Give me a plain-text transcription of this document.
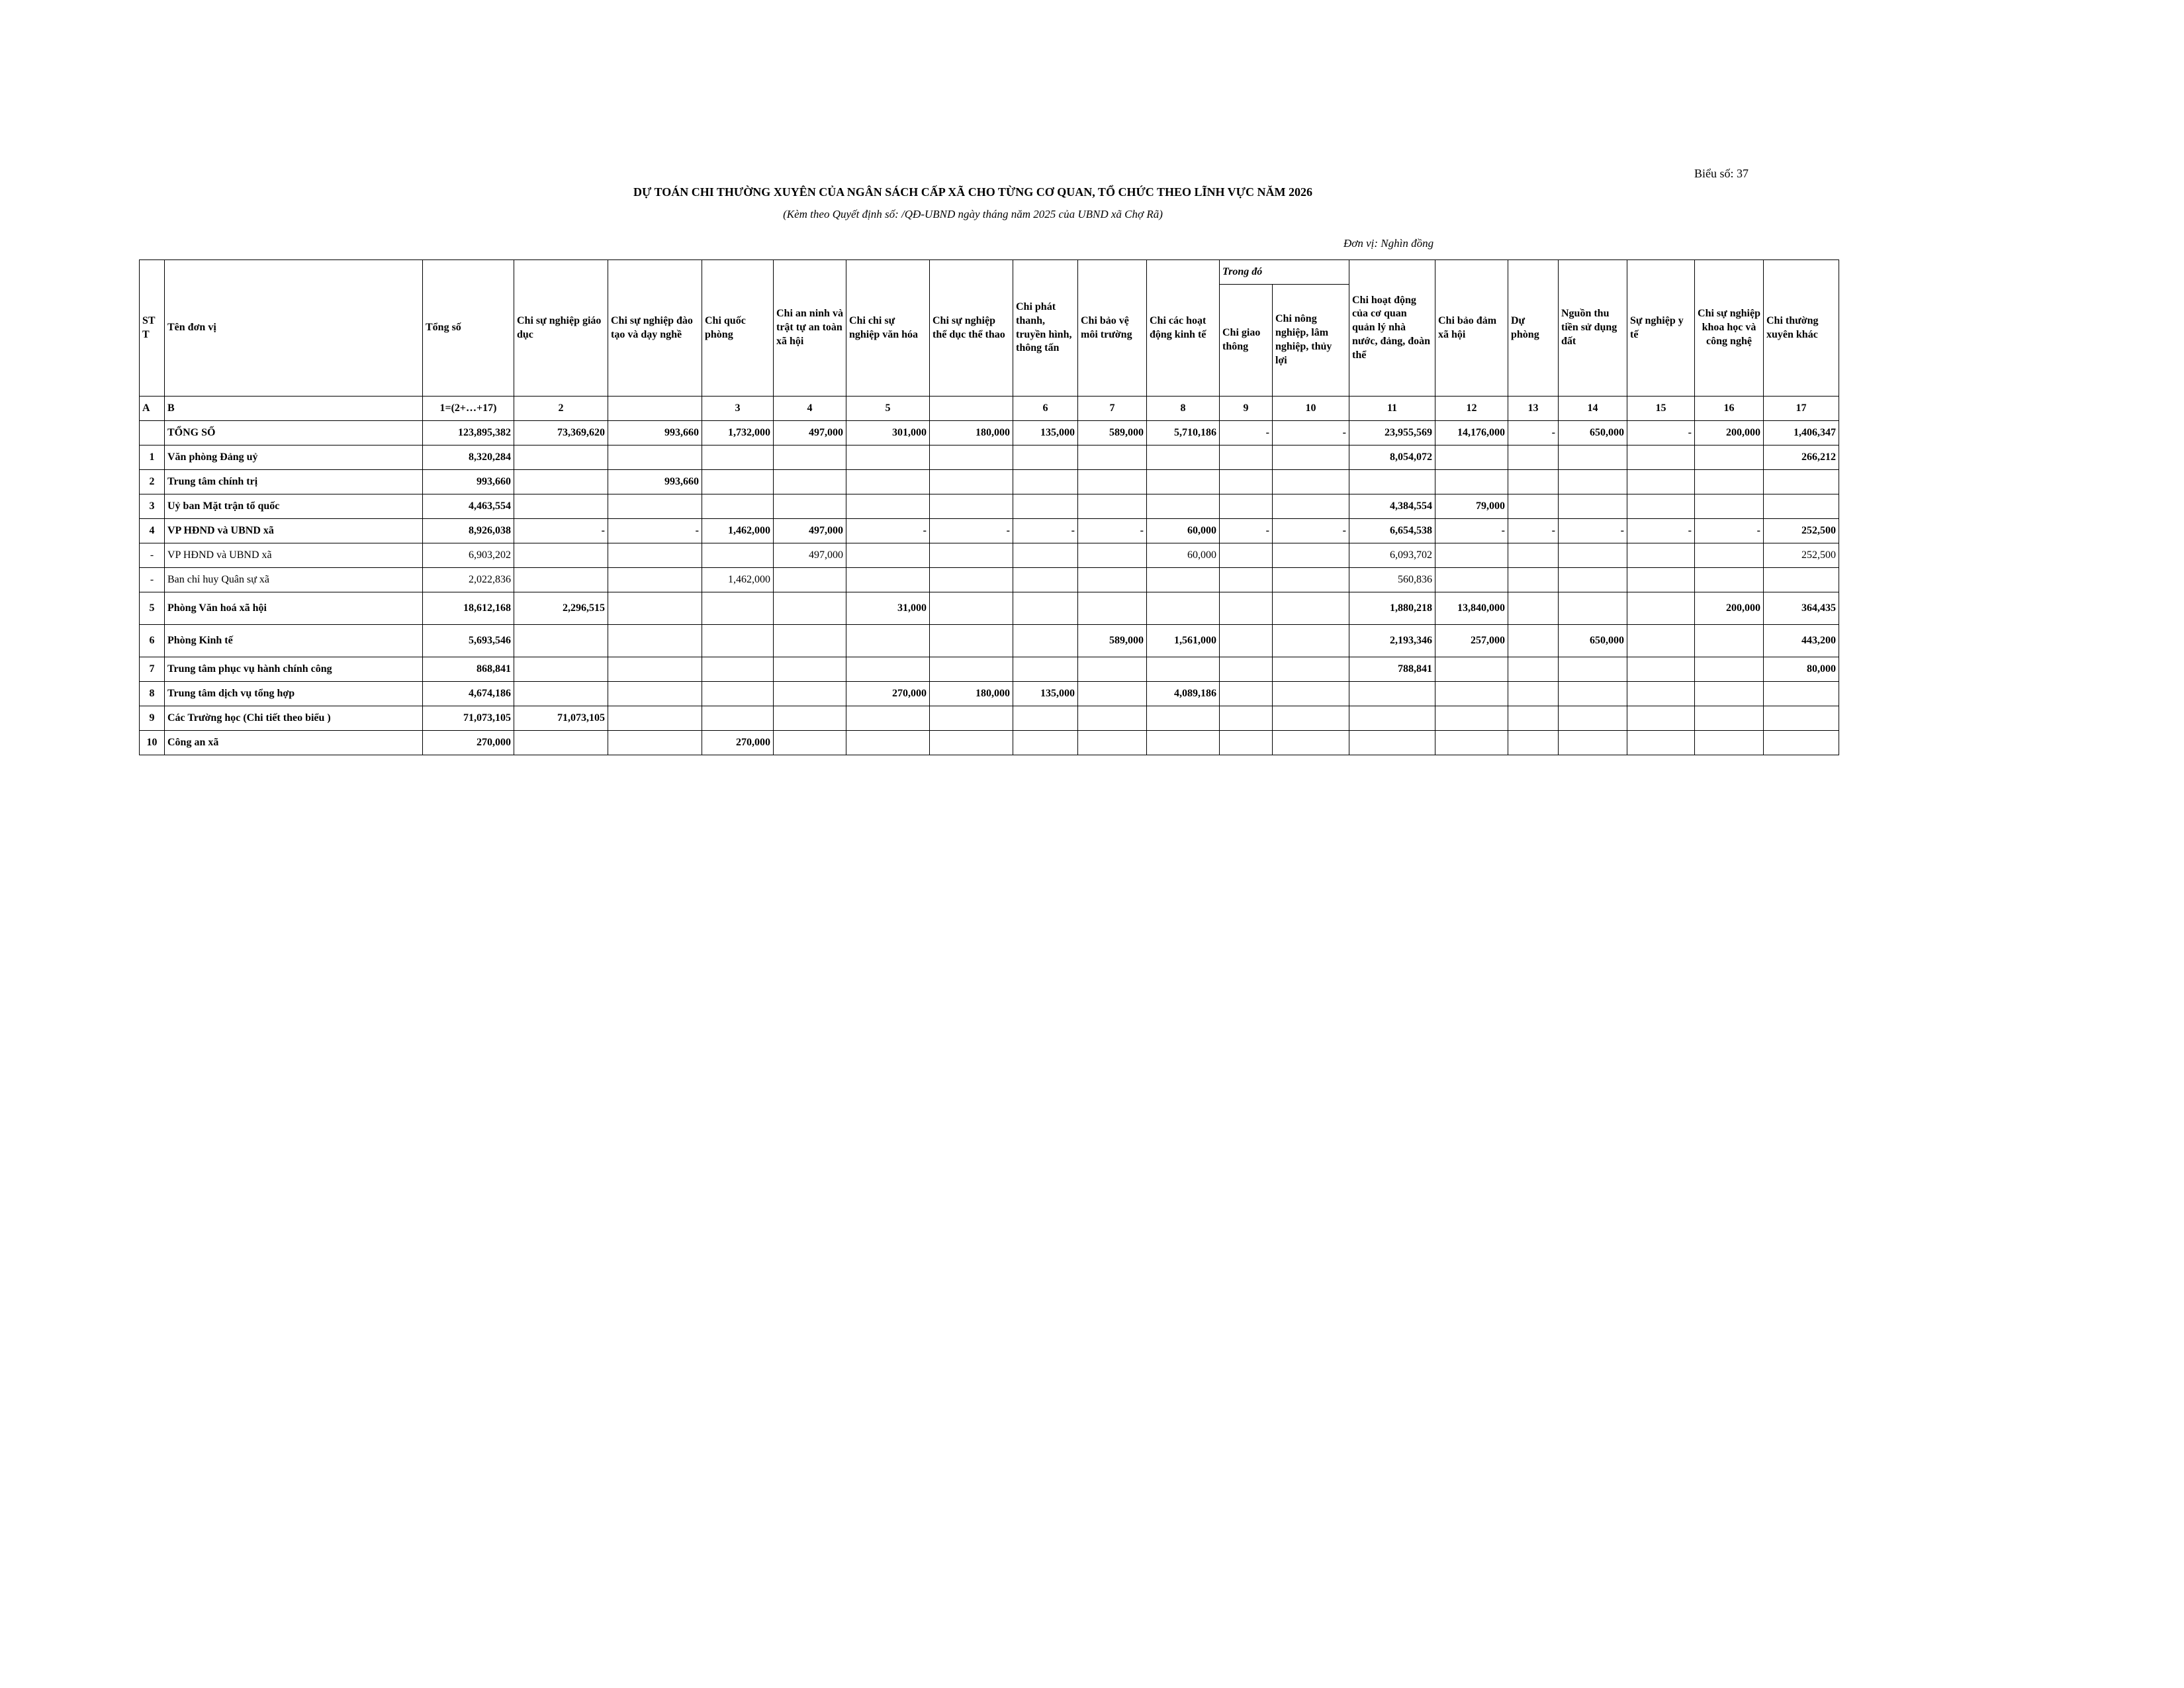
Biểu số: 37
DỰ TOÁN CHI THƯỜNG XUYÊN CỦA NGÂN SÁCH CẤP XÃ CHO TỪNG CƠ QUAN, TỔ CHỨC THEO LĨNH VỰC NĂM 2026
(Kèm theo Quyết định số: /QĐ-UBND ngày tháng năm 2025 của UBND xã Chợ Rã)
Đơn vị: Nghìn đồng
ST T	Tên đơn vị	Tổng số	Chi sự nghiệp giáo dục	Chi sự nghiệp đào tạo và dạy nghề	Chi quốc phòng	Chi an ninh và trật tự an toàn xã hội	Chi chi sự nghiệp văn hóa	Chi sự nghiệp thể dục thể thao	Chi phát thanh, truyền hình, thông tấn	Chi bảo vệ môi trường	Chi các hoạt động kinh tế	Trong đó		Chi hoạt động của cơ quan quản lý nhà nước, đảng, đoàn thể	Chi bảo đảm xã hội	Dự phòng	Nguồn thu tiền sử dụng đất	Sự nghiệp y tế	Chi sự nghiệp khoa học và công nghệ	Chi thường xuyên khác
												Chi giao thông	Chi nông nghiệp, lâm nghiệp, thủy lợi							
A	B	1=(2+…+17)	2		3	4	5		6	7	8	9	10	11	12	13	14	15	16	17
	TỔNG SỐ	123,895,382	73,369,620	993,660	1,732,000	497,000	301,000	180,000	135,000	589,000	5,710,186	-	-	23,955,569	14,176,000	-	650,000	-	200,000	1,406,347
1	Văn phòng Đảng uỷ	8,320,284												8,054,072						266,212
2	Trung tâm chính trị	993,660		993,660																
3	Uỷ ban Mặt trận tổ quốc	4,463,554												4,384,554	79,000					
4	VP HĐND và UBND xã	8,926,038	-	-	1,462,000	497,000	-	-	-	-	60,000	-	-	6,654,538	-	-	-	-	-	252,500
-	VP HĐND và UBND xã	6,903,202				497,000					60,000			6,093,702						252,500
-	Ban chỉ huy Quân sự xã	2,022,836			1,462,000									560,836						
5	Phòng Văn hoá xã hội	18,612,168	2,296,515				31,000							1,880,218	13,840,000				200,000	364,435
6	Phòng Kinh tế	5,693,546								589,000	1,561,000			2,193,346	257,000		650,000			443,200
7	Trung tâm phục vụ hành chính công	868,841												788,841						80,000
8	Trung tâm dịch vụ tổng hợp	4,674,186					270,000	180,000	135,000		4,089,186									
9	Các Trường học (Chi tiết theo biểu )	71,073,105	71,073,105																	
10	Công an xã	270,000			270,000															
